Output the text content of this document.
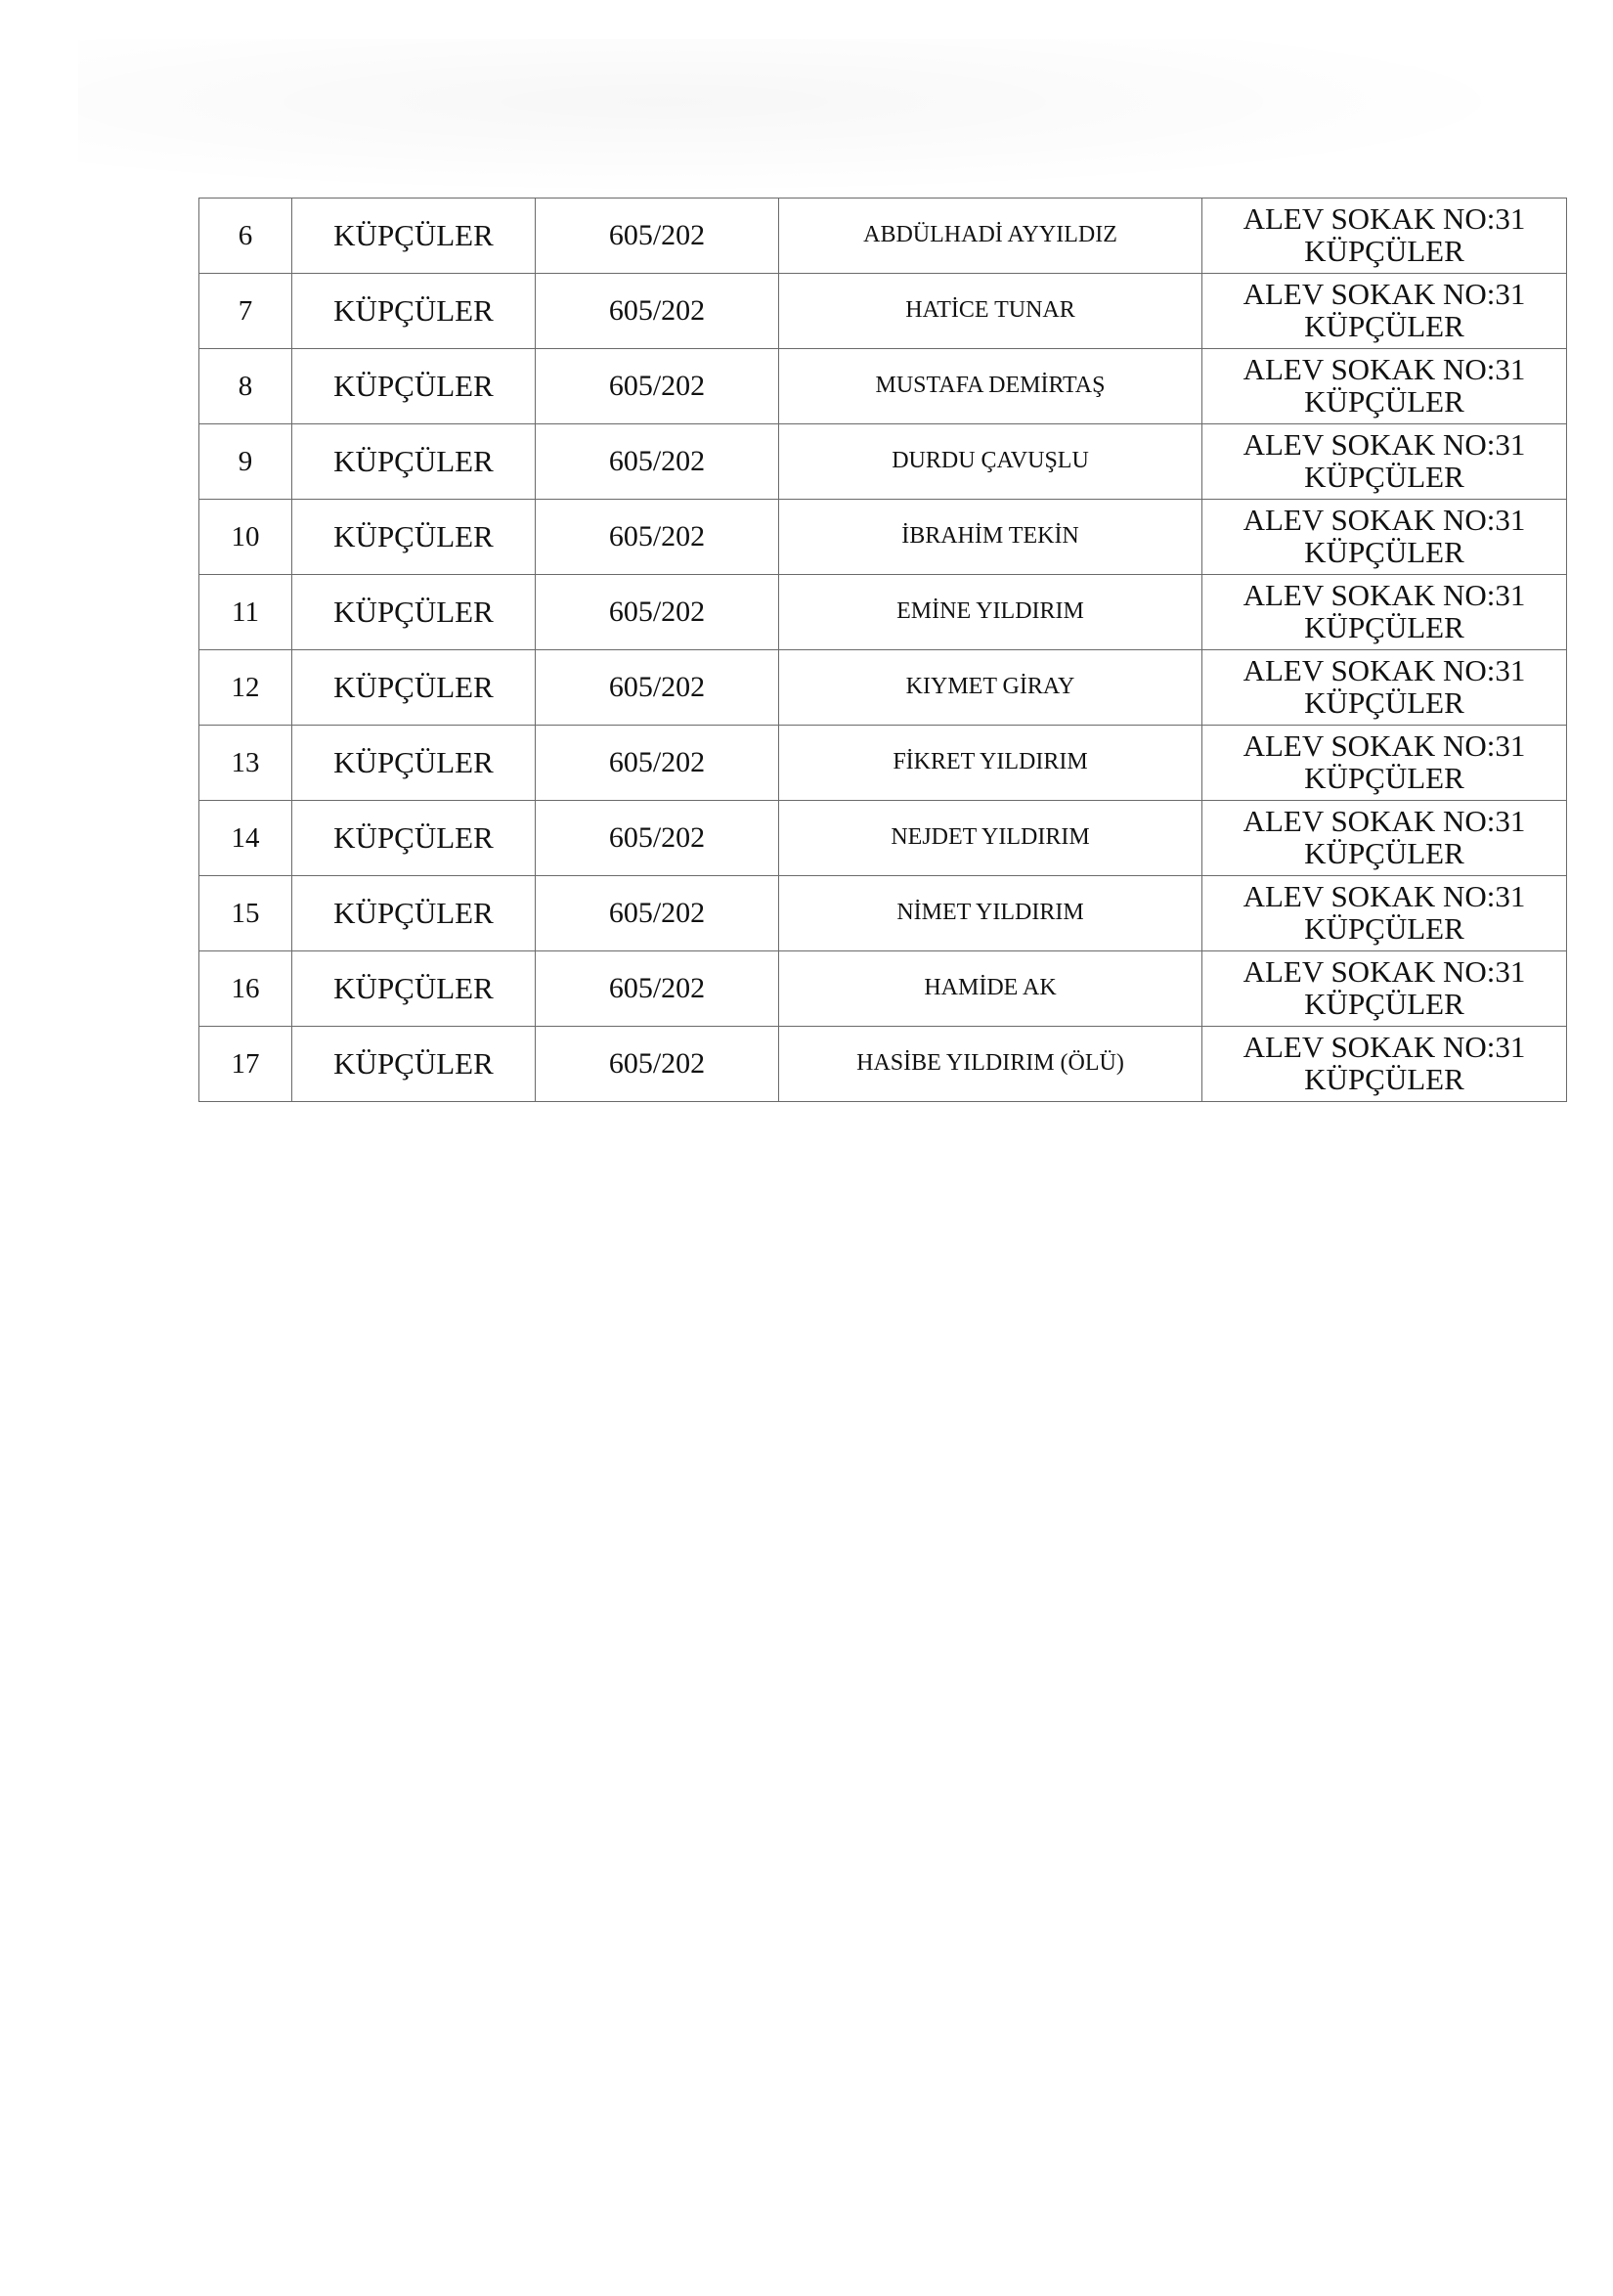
6	KÜPÇÜLER	605/202	ABDÜLHADİ AYYILDIZ	ALEV SOKAK NO:31
KÜPÇÜLER

7	KÜPÇÜLER	605/202	HATİCE TUNAR	ALEV SOKAK NO:31
KÜPÇÜLER

8	KÜPÇÜLER	605/202	MUSTAFA DEMİRTAŞ	ALEV SOKAK NO:31
KÜPÇÜLER

9	KÜPÇÜLER	605/202	DURDU ÇAVUŞLU	ALEV SOKAK NO:31
KÜPÇÜLER

10	KÜPÇÜLER	605/202	İBRAHİM TEKİN	ALEV SOKAK NO:31
KÜPÇÜLER

11	KÜPÇÜLER	605/202	EMİNE YILDIRIM	ALEV SOKAK NO:31
KÜPÇÜLER

12	KÜPÇÜLER	605/202	KIYMET GİRAY	ALEV SOKAK NO:31
KÜPÇÜLER

13	KÜPÇÜLER	605/202	FİKRET YILDIRIM	ALEV SOKAK NO:31
KÜPÇÜLER

14	KÜPÇÜLER	605/202	NEJDET YILDIRIM	ALEV SOKAK NO:31
KÜPÇÜLER

15	KÜPÇÜLER	605/202	NİMET YILDIRIM	ALEV SOKAK NO:31
KÜPÇÜLER

16	KÜPÇÜLER	605/202	HAMİDE AK	ALEV SOKAK NO:31
KÜPÇÜLER

17	KÜPÇÜLER	605/202	HASİBE YILDIRIM (ÖLÜ)	ALEV SOKAK NO:31
KÜPÇÜLER
